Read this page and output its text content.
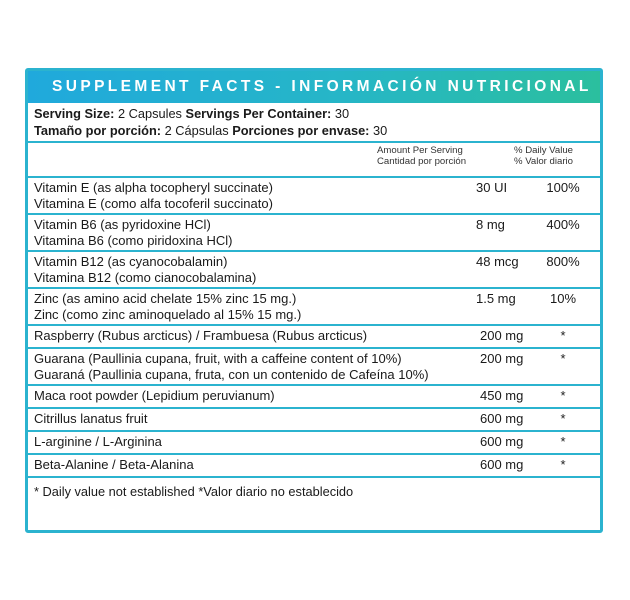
SUPPLEMENT FACTS - INFORMACIÓN NUTRICIONAL
Serving Size: 2 Capsules Servings Per Container: 30
Tamaño por porción: 2 Cápsulas Porciones por envase: 30
Amount Per Serving
Cantidad por porción
% Daily Value
% Valor diario
Vitamin E (as alpha tocopheryl succinate)
Vitamina E (como alfa tocoferil succinato)
30 UI	100%
Vitamin B6 (as pyridoxine HCl)
Vitamina B6 (como piridoxina HCl)
8 mg	400%
Vitamin B12 (as cyanocobalamin)
Vitamina B12 (como cianocobalamina)
48 mcg	800%
Zinc (as amino acid chelate 15% zinc 15 mg.)
Zinc (como zinc aminoquelado al 15% 15 mg.)
1.5 mg	10%
Raspberry (Rubus arcticus) / Frambuesa (Rubus arcticus)	200 mg	*
Guarana (Paullinia cupana, fruit, with a caffeine content of 10%)
Guaraná (Paullinia cupana, fruta, con un contenido de Cafeína 10%)
200 mg	*
Maca root powder (Lepidium peruvianum)	450 mg	*
Citrillus lanatus fruit	600 mg	*
L-arginine / L-Arginina	600 mg	*
Beta-Alanine / Beta-Alanina	600 mg	*
* Daily value not established *Valor diario no establecido
